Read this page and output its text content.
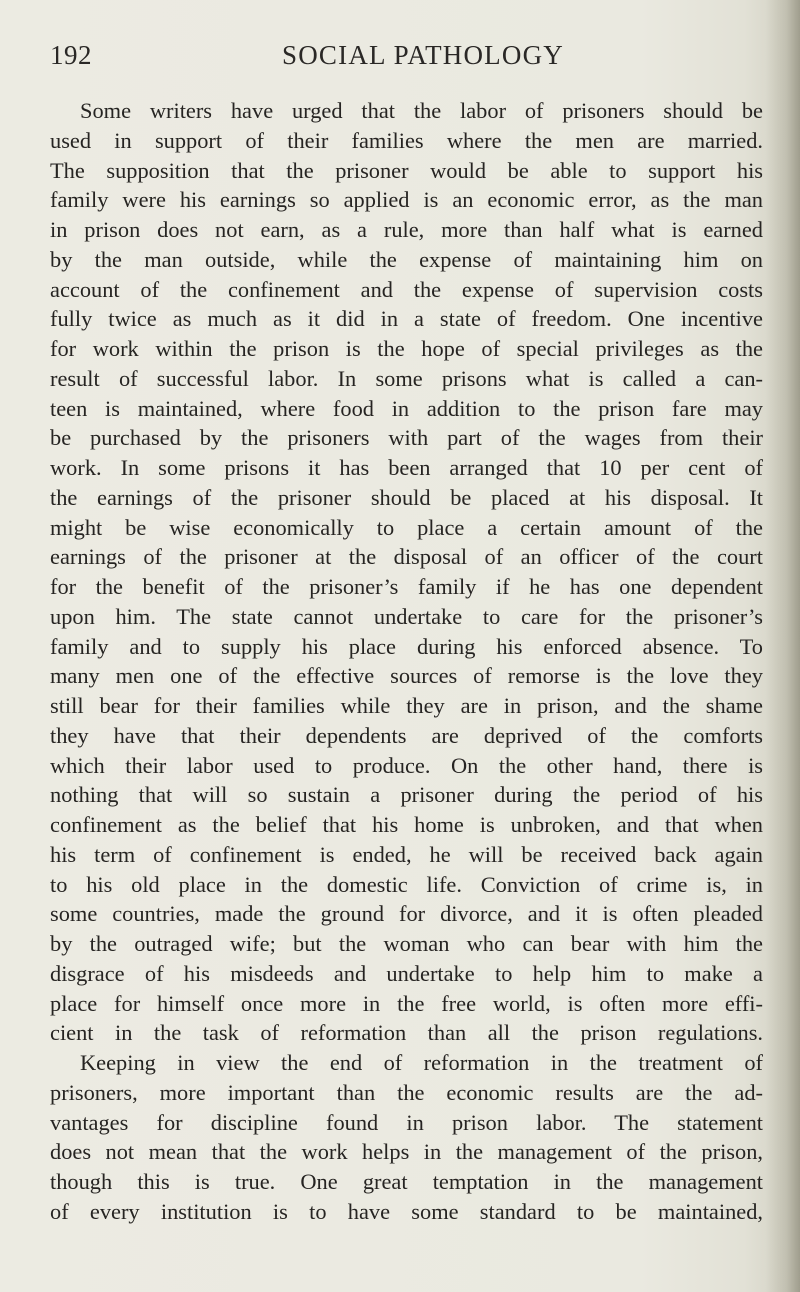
192	SOCIAL PATHOLOGY
Some writers have urged that the labor of prisoners should be
used in support of their families where the men are married.
The supposition that the prisoner would be able to support his
family were his earnings so applied is an economic error, as the man
in prison does not earn, as a rule, more than half what is earned
by the man outside, while the expense of maintaining him on
account of the confinement and the expense of supervision costs
fully twice as much as it did in a state of freedom. One incentive
for work within the prison is the hope of special privileges as the
result of successful labor. In some prisons what is called a can-
teen is maintained, where food in addition to the prison fare may
be purchased by the prisoners with part of the wages from their
work. In some prisons it has been arranged that 10 per cent of
the earnings of the prisoner should be placed at his disposal. It
might be wise economically to place a certain amount of the
earnings of the prisoner at the disposal of an officer of the court
for the benefit of the prisoner’s family if he has one dependent
upon him. The state cannot undertake to care for the prisoner’s
family and to supply his place during his enforced absence. To
many men one of the effective sources of remorse is the love they
still bear for their families while they are in prison, and the shame
they have that their dependents are deprived of the comforts
which their labor used to produce. On the other hand, there is
nothing that will so sustain a prisoner during the period of his
confinement as the belief that his home is unbroken, and that when
his term of confinement is ended, he will be received back again
to his old place in the domestic life. Conviction of crime is, in
some countries, made the ground for divorce, and it is often pleaded
by the outraged wife; but the woman who can bear with him the
disgrace of his misdeeds and undertake to help him to make a
place for himself once more in the free world, is often more effi-
cient in the task of reformation than all the prison regulations.
Keeping in view the end of reformation in the treatment of
prisoners, more important than the economic results are the ad-
vantages for discipline found in prison labor. The statement
does not mean that the work helps in the management of the prison,
though this is true. One great temptation in the management
of every institution is to have some standard to be maintained,
